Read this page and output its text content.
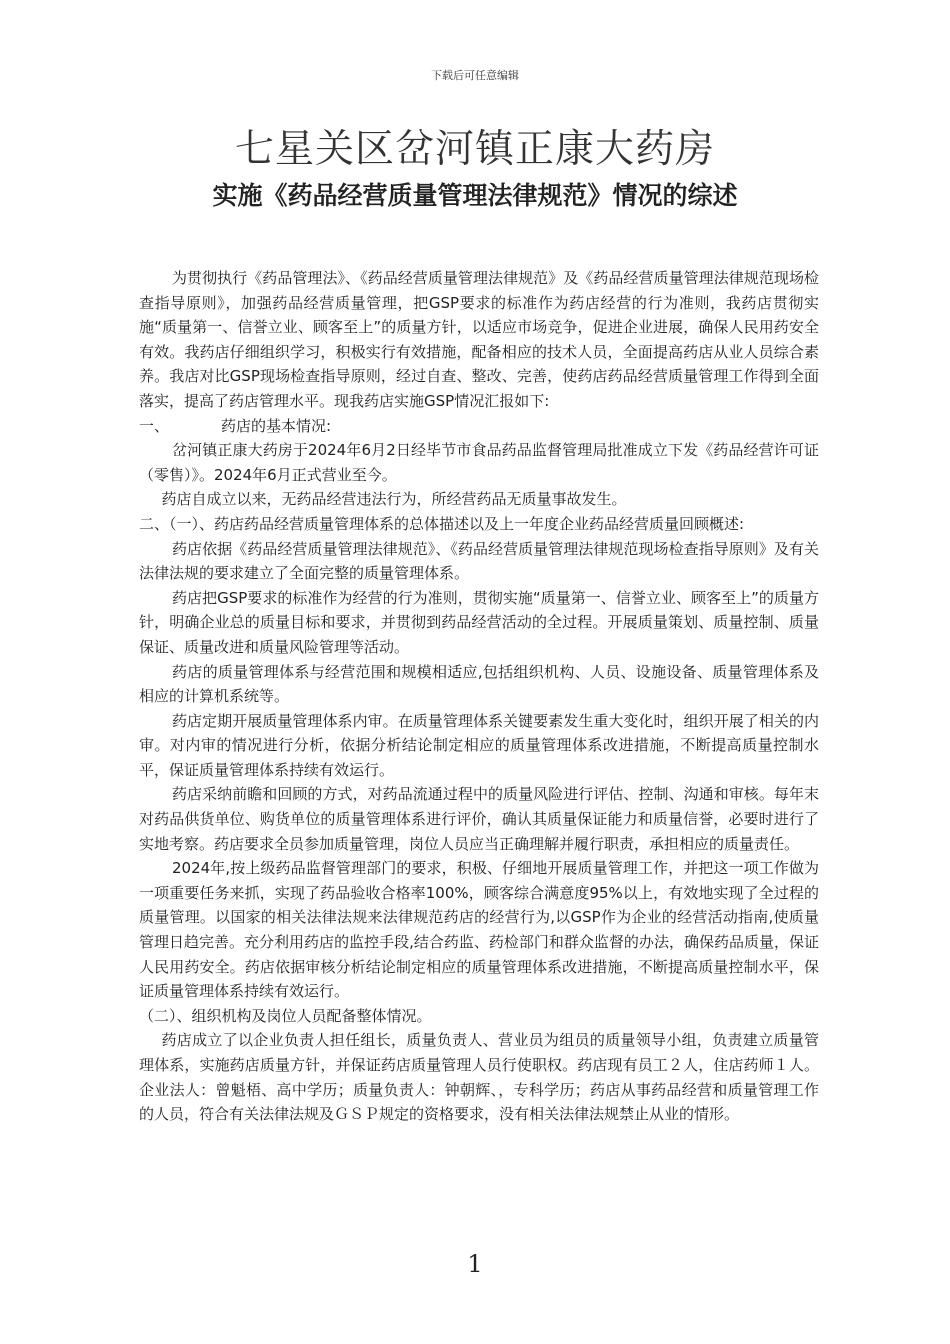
下载后可任意编辑
七星关区岔河镇正康大药房
实施《药品经营质量管理法律规范》情况的综述

为贯彻执行《药品管理法》、《药品经营质量管理法律规范》及《药品经营质量管理法律规范现场检查指导原则》，加强药品经营质量管理，把GSP要求的标准作为药店经营的行为准则，我药店贯彻实施“质量第一、信誉立业、顾客至上”的质量方针，以适应市场竞争，促进企业进展，确保人民用药安全有效。我药店仔细组织学习，积极实行有效措施，配备相应的技术人员，全面提高药店从业人员综合素养。我店对比GSP现场检查指导原则，经过自查、整改、完善，使药店药品经营质量管理工作得到全面落实，提高了药店管理水平。现我药店实施GSP情况汇报如下:

一、	药店的基本情况:

岔河镇正康大药房于2024年6月2日经毕节市食品药品监督管理局批准成立下发《药品经营许可证（零售）》。2024年6月正式营业至今。

药店自成立以来，无药品经营违法行为，所经营药品无质量事故发生。

二、（一）、药店药品经营质量管理体系的总体描述以及上一年度企业药品经营质量回顾概述:

药店依据《药品经营质量管理法律规范》、《药品经营质量管理法律规范现场检查指导原则》及有关法律法规的要求建立了全面完整的质量管理体系。

药店把GSP要求的标准作为经营的行为准则，贯彻实施“质量第一、信誉立业、顾客至上”的质量方针，明确企业总的质量目标和要求，并贯彻到药品经营活动的全过程。开展质量策划、质量控制、质量保证、质量改进和质量风险管理等活动。

药店的质量管理体系与经营范围和规模相适应,包括组织机构、人员、设施设备、质量管理体系及相应的计算机系统等。

药店定期开展质量管理体系内审。在质量管理体系关键要素发生重大变化时，组织开展了相关的内审。对内审的情况进行分析，依据分析结论制定相应的质量管理体系改进措施，不断提高质量控制水平，保证质量管理体系持续有效运行。

药店采纳前瞻和回顾的方式，对药品流通过程中的质量风险进行评估、控制、沟通和审核。每年末对药品供货单位、购货单位的质量管理体系进行评价，确认其质量保证能力和质量信誉，必要时进行了实地考察。药店要求全员参加质量管理，岗位人员应当正确理解并履行职责，承担相应的质量责任。

2024年,按上级药品监督管理部门的要求，积极、仔细地开展质量管理工作，并把这一项工作做为一项重要任务来抓，实现了药品验收合格率100%，顾客综合满意度95%以上，有效地实现了全过程的质量管理。以国家的相关法律法规来法律规范药店的经营行为,以GSP作为企业的经营活动指南,使质量管理日趋完善。充分利用药店的监控手段,结合药监、药检部门和群众监督的办法，确保药品质量，保证人民用药安全。药店依据审核分析结论制定相应的质量管理体系改进措施，不断提高质量控制水平，保证质量管理体系持续有效运行。

（二）、组织机构及岗位人员配备整体情况。

药店成立了以企业负责人担任组长，质量负责人、营业员为组员的质量领导小组，负责建立质量管理体系，实施药店质量方针，并保证药店质量管理人员行使职权。药店现有员工２人，住店药师１人。企业法人：曾魁梧、高中学历；质量负责人：钟朝辉、，专科学历；药店从事药品经营和质量管理工作的人员，符合有关法律法规及ＧＳＰ规定的资格要求，没有相关法律法规禁止从业的情形。

1
